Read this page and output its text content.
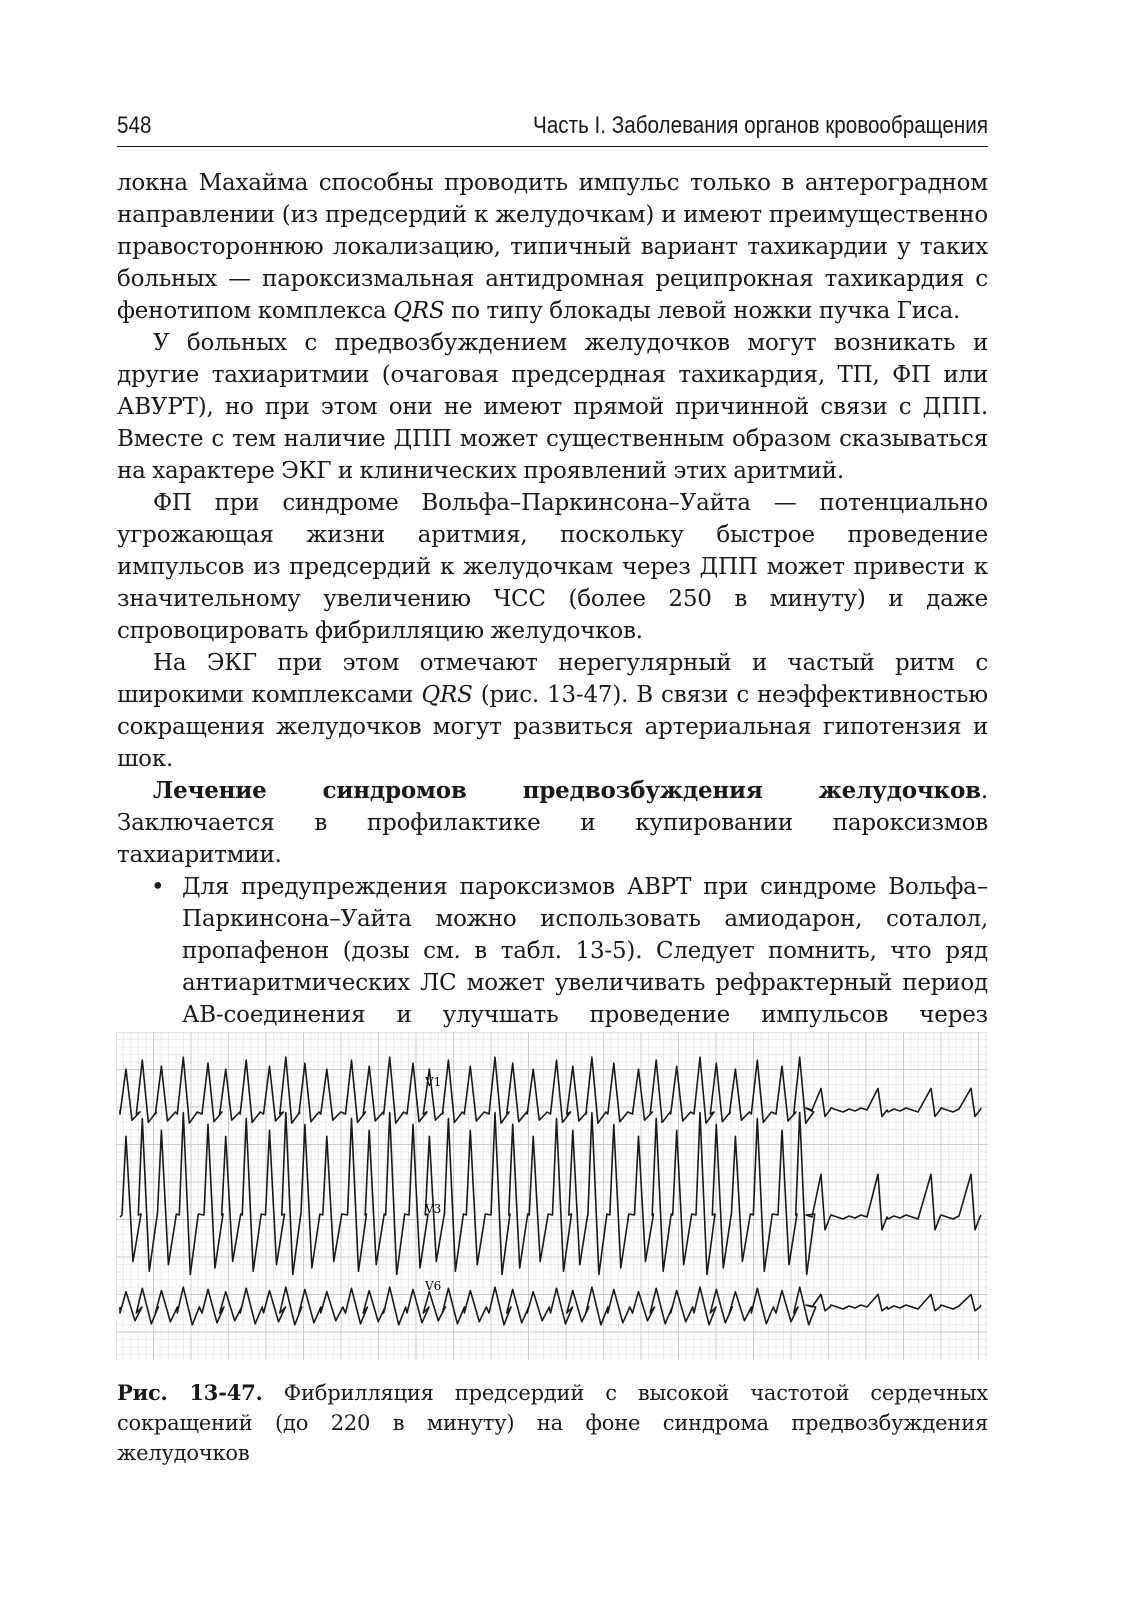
548	Часть I. Заболевания органов кровообращения

локна Махайма способны проводить импульс только в антероградном направлении (из предсердий к желудочкам) и имеют преимущественно правостороннюю локализацию, типичный вариант тахикардии у таких больных — пароксизмальная антидромная реципрокная тахикардия с фенотипом комплекса QRS по типу блокады левой ножки пучка Гиса.

У больных с предвозбуждением желудочков могут возникать и другие тахиаритмии (очаговая предсердная тахикардия, ТП, ФП или АВУРТ), но при этом они не имеют прямой причинной связи с ДПП. Вместе с тем наличие ДПП может существенным образом сказываться на характере ЭКГ и клинических проявлений этих аритмий.

ФП при синдроме Вольфа–Паркинсона–Уайта — потенциально угрожающая жизни аритмия, поскольку быстрое проведение импульсов из предсердий к желудочкам через ДПП может привести к значительному увеличению ЧСС (более 250 в минуту) и даже спровоцировать фибрилляцию желудочков.

На ЭКГ при этом отмечают нерегулярный и частый ритм с широкими комплексами QRS (рис. 13-47). В связи с неэффективностью сокращения желудочков могут развиться артериальная гипотензия и шок.

Лечение синдромов предвозбуждения желудочков. Заключается в профилактике и купировании пароксизмов тахиаритмии.

• Для предупреждения пароксизмов АВРТ при синдроме Вольфа–Паркинсона–Уайта можно использовать амиодарон, соталол, пропафенон (дозы см. в табл. 13-5). Следует помнить, что ряд антиаритмических ЛС может увеличивать рефрактерный период АВ-соединения и улучшать проведение импульсов через

V1
V3
V6
Рис. 13-47. Фибрилляция предсердий с высокой частотой сердечных сокращений (до 220 в минуту) на фоне синдрома предвозбуждения желудочков
